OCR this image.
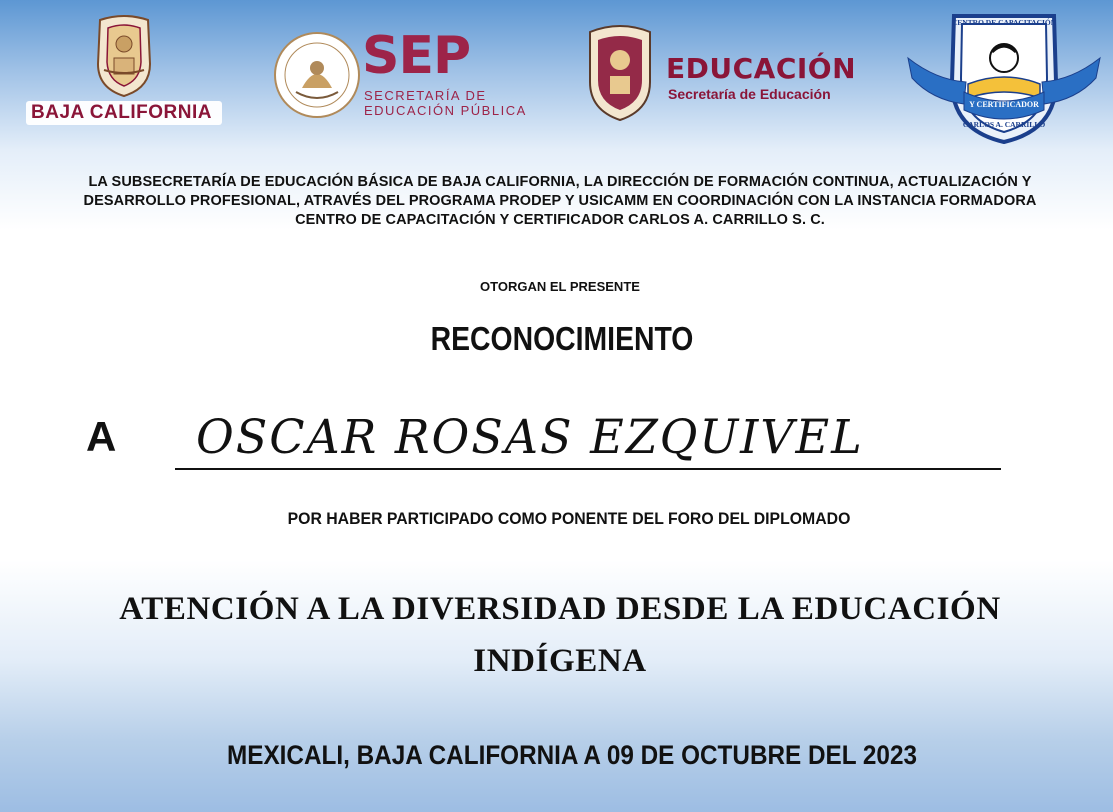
BAJA CALIFORNIA
SEP
SECRETARÍA DE
EDUCACIÓN PÚBLICA
EDUCACIÓN
Secretaría de Educación
CENTRO DE CAPACITACIÓN
Y CERTIFICADOR
CARLOS A. CARRILLO
LA SUBSECRETARÍA DE EDUCACIÓN BÁSICA DE BAJA CALIFORNIA, LA DIRECCIÓN DE FORMACIÓN CONTINUA, ACTUALIZACIÓN Y DESARROLLO PROFESIONAL, ATRAVÉS DEL PROGRAMA PRODEP Y USICAMM EN COORDINACIÓN CON LA INSTANCIA FORMADORA CENTRO DE CAPACITACIÓN Y CERTIFICADOR CARLOS A. CARRILLO S. C.
OTORGAN EL PRESENTE
RECONOCIMIENTO
A OSCAR ROSAS EZQUIVEL
POR HABER PARTICIPADO COMO PONENTE DEL FORO DEL DIPLOMADO
ATENCIÓN A LA DIVERSIDAD DESDE LA EDUCACIÓN INDÍGENA
MEXICALI, BAJA CALIFORNIA A 09 DE OCTUBRE DEL 2023
